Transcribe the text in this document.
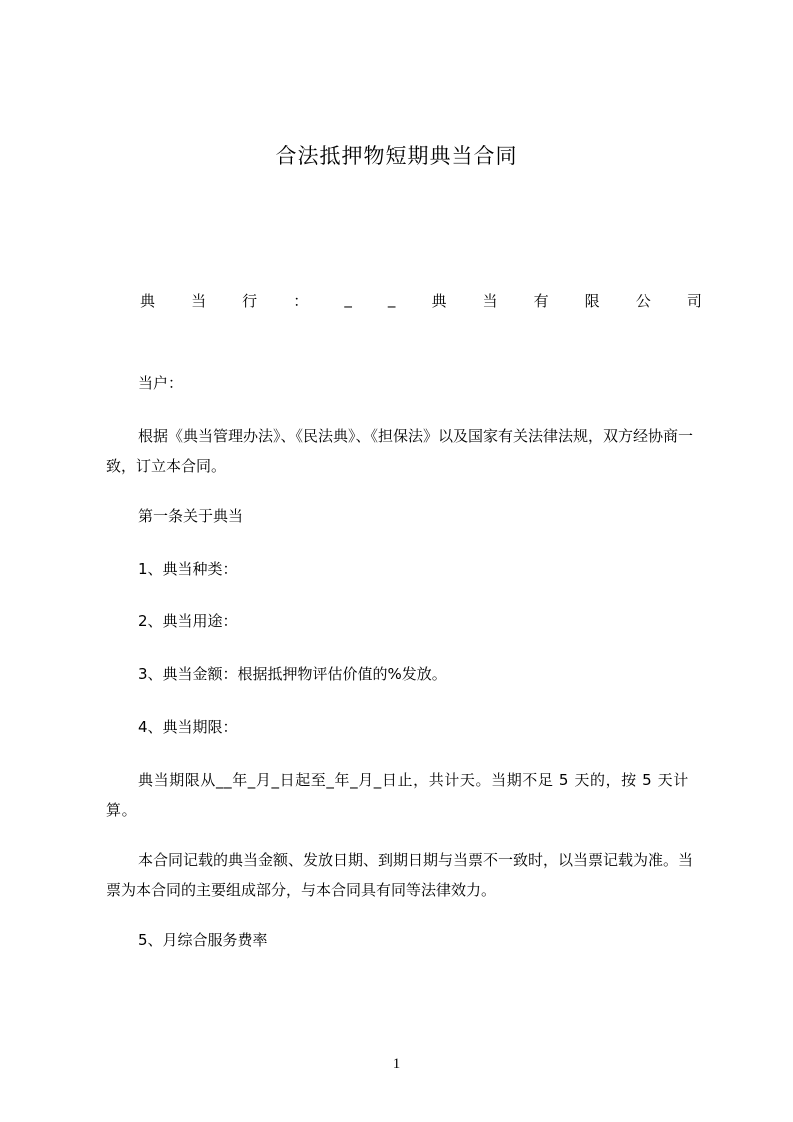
合法抵押物短期典当合同
典 当 行 ： _ _ 典 当 有 限 公 司

当户：

根据《典当管理办法》、《民法典》、《担保法》以及国家有关法律法规，双方经协商一致，订立本合同。

第一条关于典当

1、典当种类：

2、典当用途：

3、典当金额：根据抵押物评估价值的%发放。

4、典当期限：

典当期限从__年_月_日起至_年_月_日止，共计天。当期不足 5 天的，按 5 天计算。

本合同记载的典当金额、发放日期、到期日期与当票不一致时，以当票记载为准。当票为本合同的主要组成部分，与本合同具有同等法律效力。

5、月综合服务费率

1
